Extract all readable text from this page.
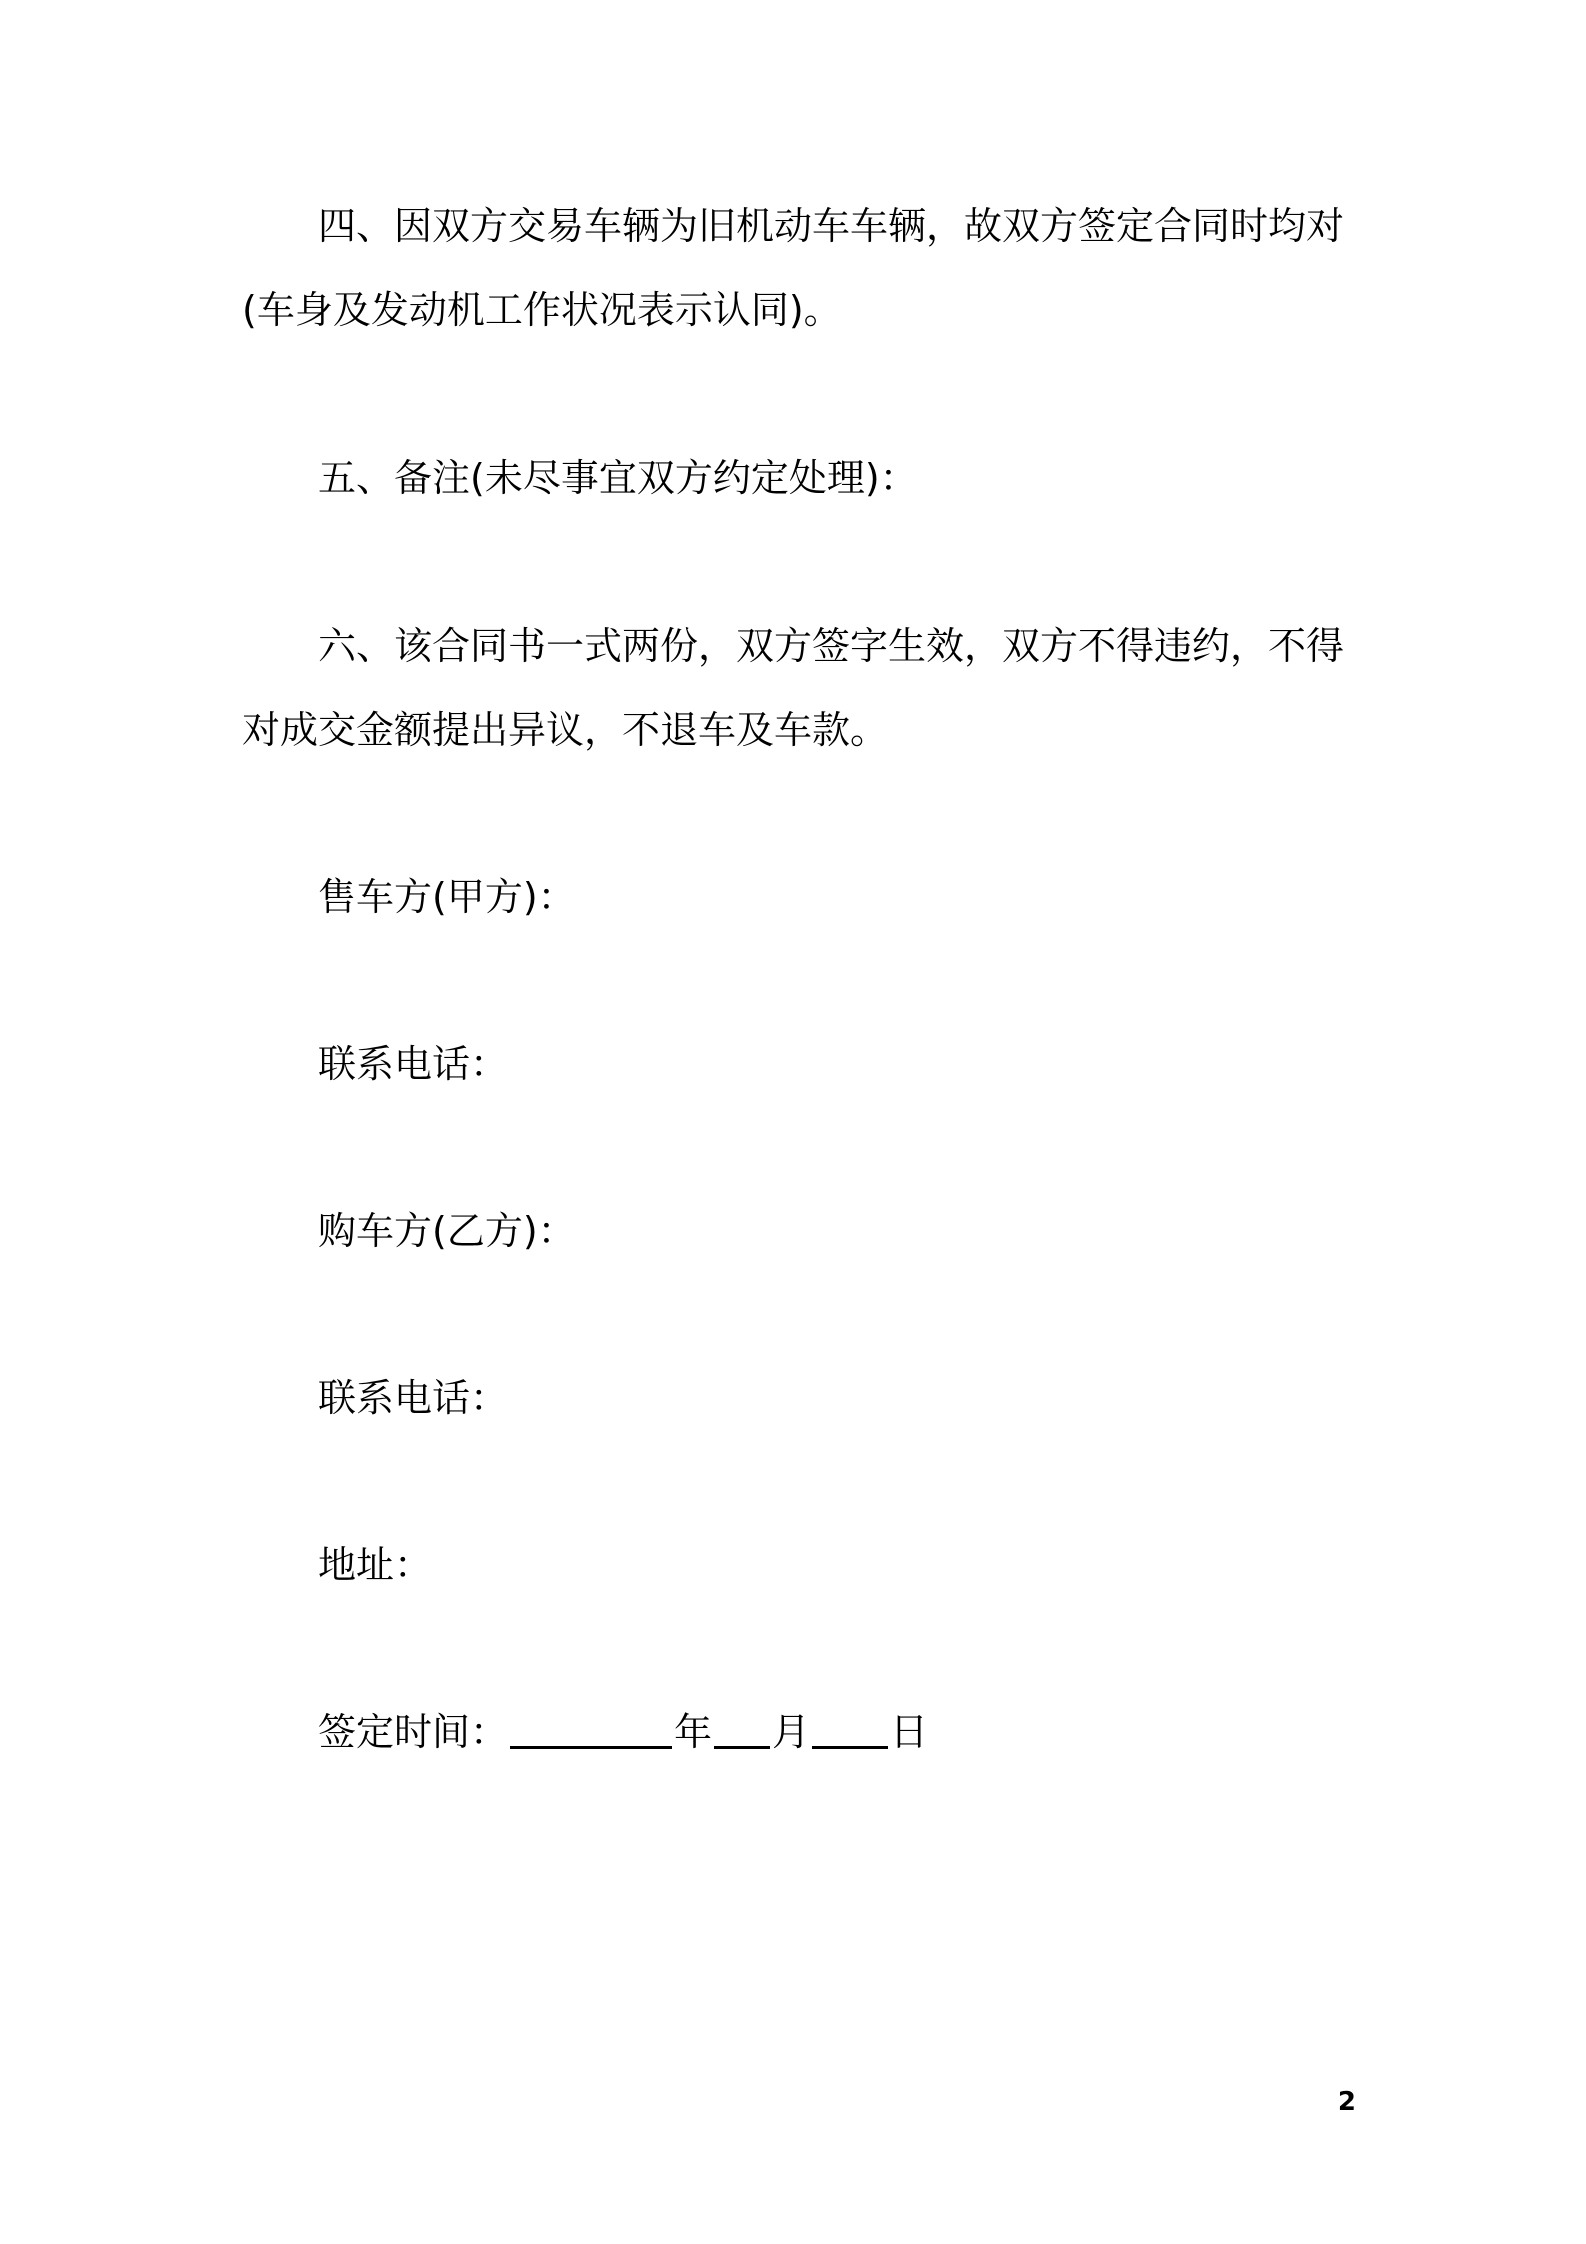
四、因双方交易车辆为旧机动车车辆，故双方签定合同时均对(车身及发动机工作状况表示认同)。

五、备注(未尽事宜双方约定处理)：

六、该合同书一式两份，双方签字生效，双方不得违约，不得对成交金额提出异议，不退车及车款。

售车方(甲方)：

联系电话：

购车方(乙方)：

联系电话：

地址：

签定时间：	年 月 日

2
